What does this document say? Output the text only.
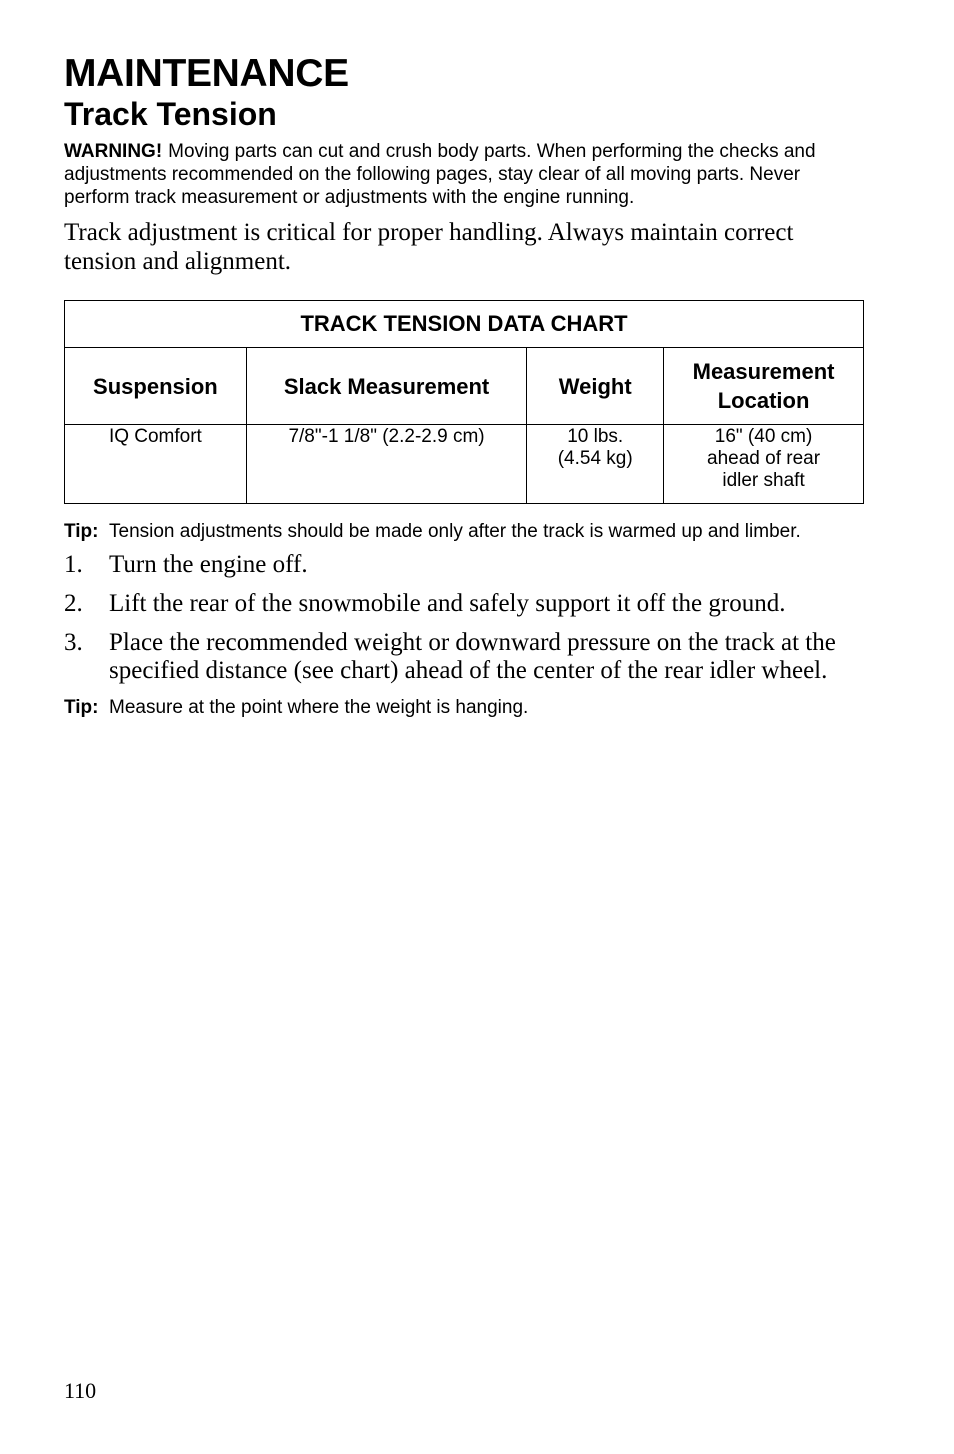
MAINTENANCE
Track Tension

WARNING! Moving parts can cut and crush body parts. When performing the checks and adjustments recommended on the following pages, stay clear of all moving parts. Never perform track measurement or adjustments with the engine running.

Track adjustment is critical for proper handling. Always maintain correct tension and alignment.

TRACK TENSION DATA CHART			
Suspension	Slack Measurement	Weight	Measurement Location
IQ Comfort	7/8"-1 1/8" (2.2-2.9 cm)	10 lbs. (4.54 kg)	16" (40 cm) ahead of rear idler shaft
Tip: Tension adjustments should be made only after the track is warmed up and limber.
1.	Turn the engine off.
2.	Lift the rear of the snowmobile and safely support it off the ground.
3.	Place the recommended weight or downward pressure on the track at the specified distance (see chart) ahead of the center of the rear idler wheel.
Tip: Measure at the point where the weight is hanging.
110
